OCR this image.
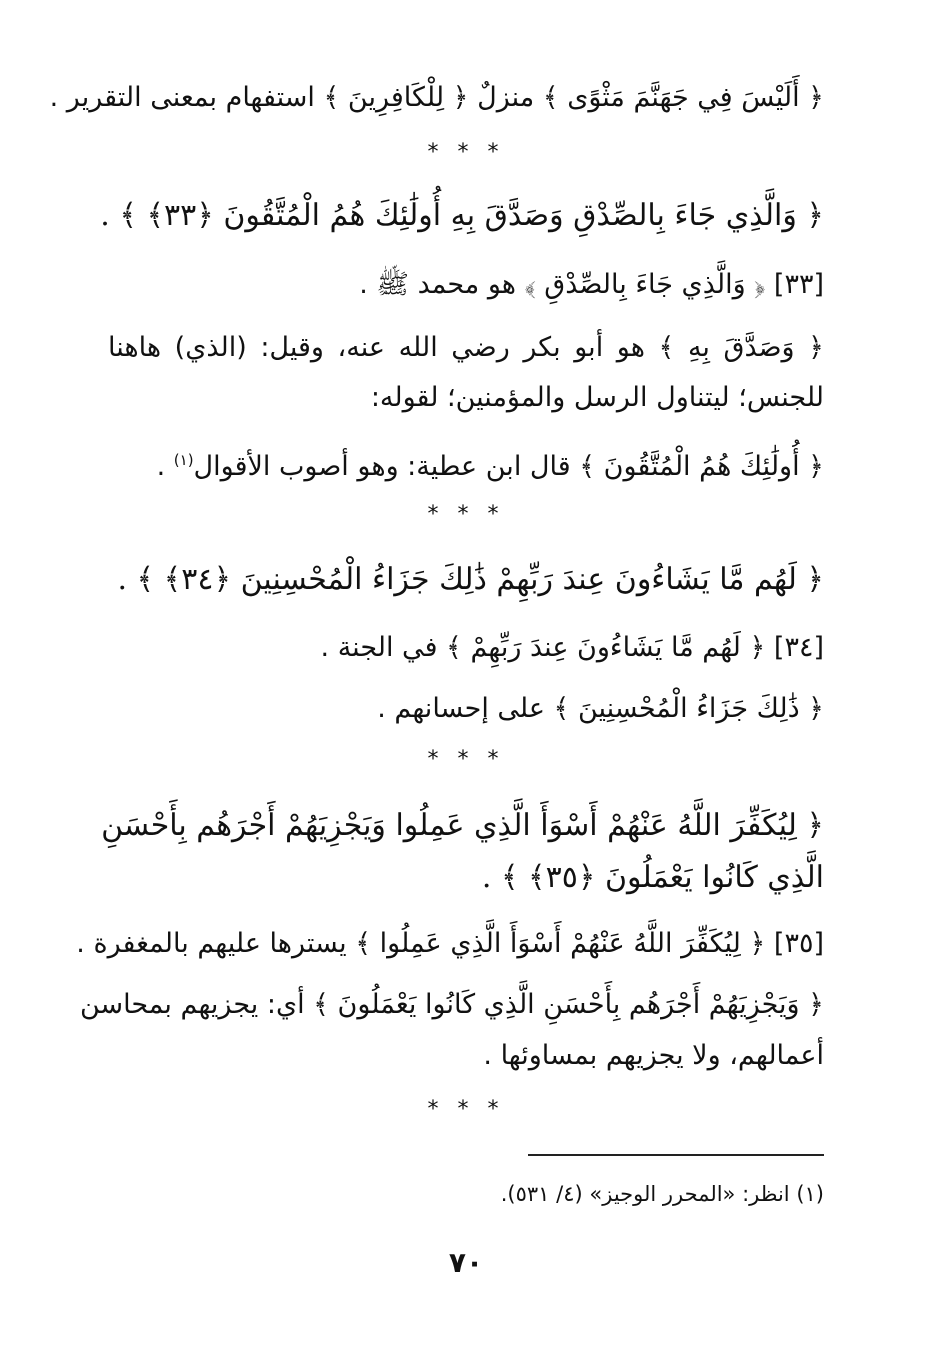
﴿ أَلَيْسَ فِي جَهَنَّمَ مَثْوًى ﴾ منزلٌ ﴿ لِلْكَافِرِينَ ﴾ استفهام بمعنى التقرير .
* * *
﴿ وَالَّذِي جَاءَ بِالصِّدْقِ وَصَدَّقَ بِهِ أُولَٰئِكَ هُمُ الْمُتَّقُونَ ﴿٣٣﴾ ﴾ .
[٣٣] ﴿ وَالَّذِي جَاءَ بِالصِّدْقِ ﴾ هو محمد ﷺ .
﴿ وَصَدَّقَ بِهِ ﴾ هو أبو بكر رضي الله عنه، وقيل: (الذي) هاهنا
للجنس؛ ليتناول الرسل والمؤمنين؛ لقوله:
﴿ أُولَٰئِكَ هُمُ الْمُتَّقُونَ ﴾ قال ابن عطية: وهو أصوب الأقوال$^{(١)}$ .
* * *
﴿ لَهُم مَّا يَشَاءُونَ عِندَ رَبِّهِمْ ذَٰلِكَ جَزَاءُ الْمُحْسِنِينَ ﴿٣٤﴾ ﴾ .
[٣٤] ﴿ لَهُم مَّا يَشَاءُونَ عِندَ رَبِّهِمْ ﴾ في الجنة .
﴿ ذَٰلِكَ جَزَاءُ الْمُحْسِنِينَ ﴾ على إحسانهم .
* * *
﴿ لِيُكَفِّرَ اللَّهُ عَنْهُمْ أَسْوَأَ الَّذِي عَمِلُوا وَيَجْزِيَهُمْ أَجْرَهُم بِأَحْسَنِ
الَّذِي كَانُوا يَعْمَلُونَ ﴿٣٥﴾ ﴾ .
[٣٥] ﴿ لِيُكَفِّرَ اللَّهُ عَنْهُمْ أَسْوَأَ الَّذِي عَمِلُوا ﴾ يسترها عليهم بالمغفرة .
﴿ وَيَجْزِيَهُمْ أَجْرَهُم بِأَحْسَنِ الَّذِي كَانُوا يَعْمَلُونَ ﴾ أي: يجزيهم بمحاسن
أعمالهم، ولا يجزيهم بمساوئها .
* * *
(١) انظر: «المحرر الوجيز» (٤/ ٥٣١).
٧٠
